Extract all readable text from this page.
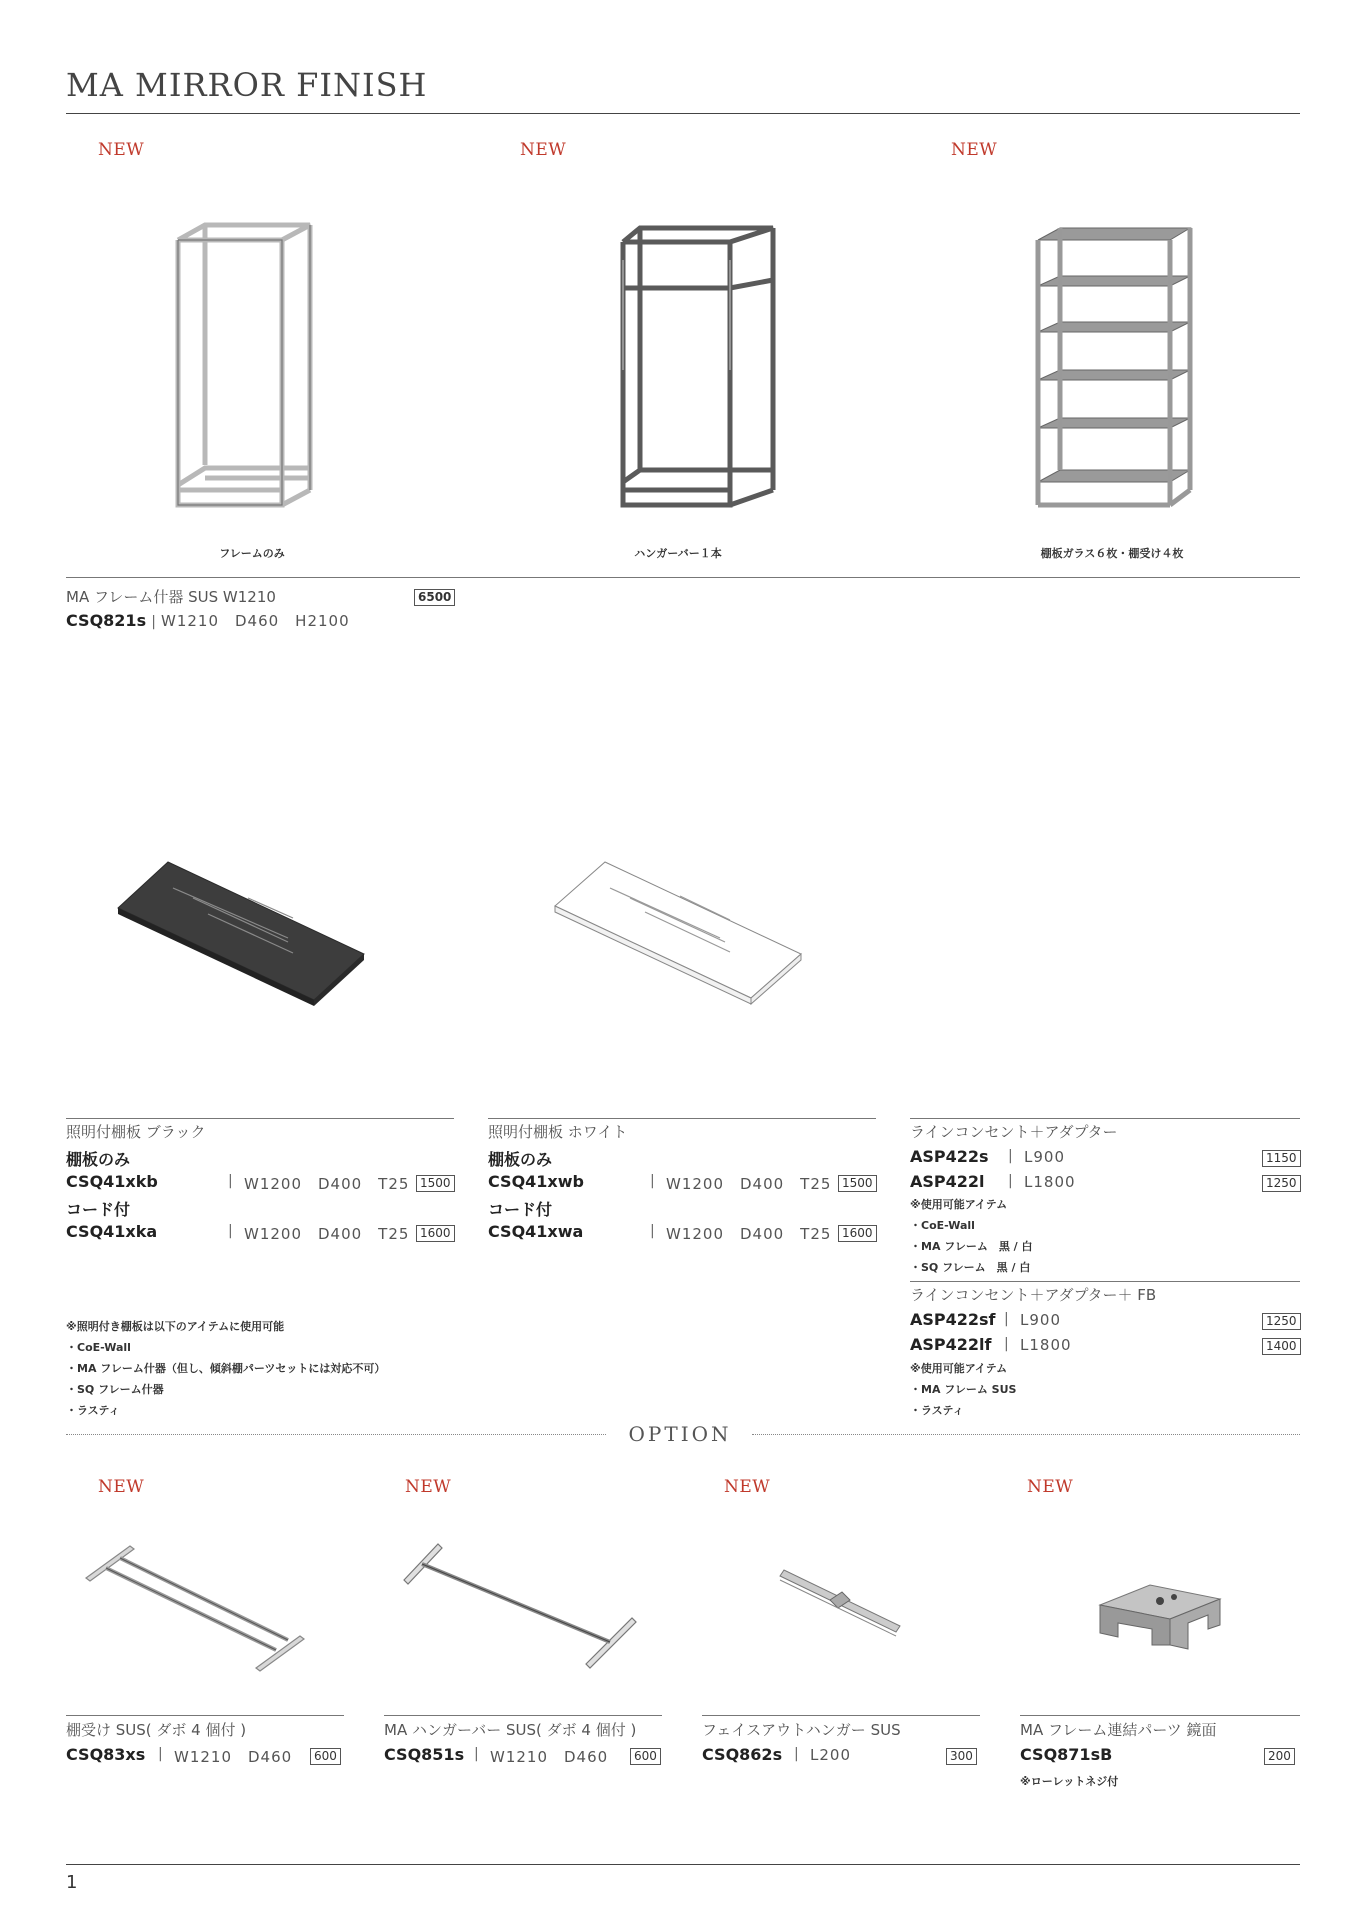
MA MIRROR FINISH
NEW	NEW	NEW
フレームのみ	ハンガーバー１本	棚板ガラス６枚・棚受け４枚
MA フレーム什器 SUS W1210	6500
CSQ821s | W1210　D460　H2100
照明付棚板 ブラック
棚板のみ
CSQ41xkb	| W1200　D400　T25 1500
コード付
CSQ41xka	| W1200　D400　T25 1600
照明付棚板 ホワイト
棚板のみ
CSQ41xwb	| W1200　D400　T25 1500
コード付
CSQ41xwa	| W1200　D400　T25 1600
※照明付き棚板は以下のアイテムに使用可能
・CoE-Wall
・MA フレーム什器（但し、傾斜棚パーツセットには対応不可）
・SQ フレーム什器
・ラスティ
ラインコンセント＋アダプター
ASP422s | L900	1150
ASP422l | L1800	1250
※使用可能アイテム
・CoE-Wall
・MA フレーム　黒 / 白
・SQ フレーム　黒 / 白
ラインコンセント＋アダプター＋ FB
ASP422sf | L900	1250
ASP422lf | L1800	1400
※使用可能アイテム
・MA フレーム SUS
・ラスティ
OPTION
NEW	NEW	NEW	NEW
棚受け SUS( ダボ 4 個付 )
CSQ83xs | W1210　D460	600
MA ハンガーバー SUS( ダボ 4 個付 )
CSQ851s | W1210　D460	600
フェイスアウトハンガー SUS
CSQ862s | L200	300
MA フレーム連結パーツ 鏡面
CSQ871sB	200
※ローレットネジ付
1
